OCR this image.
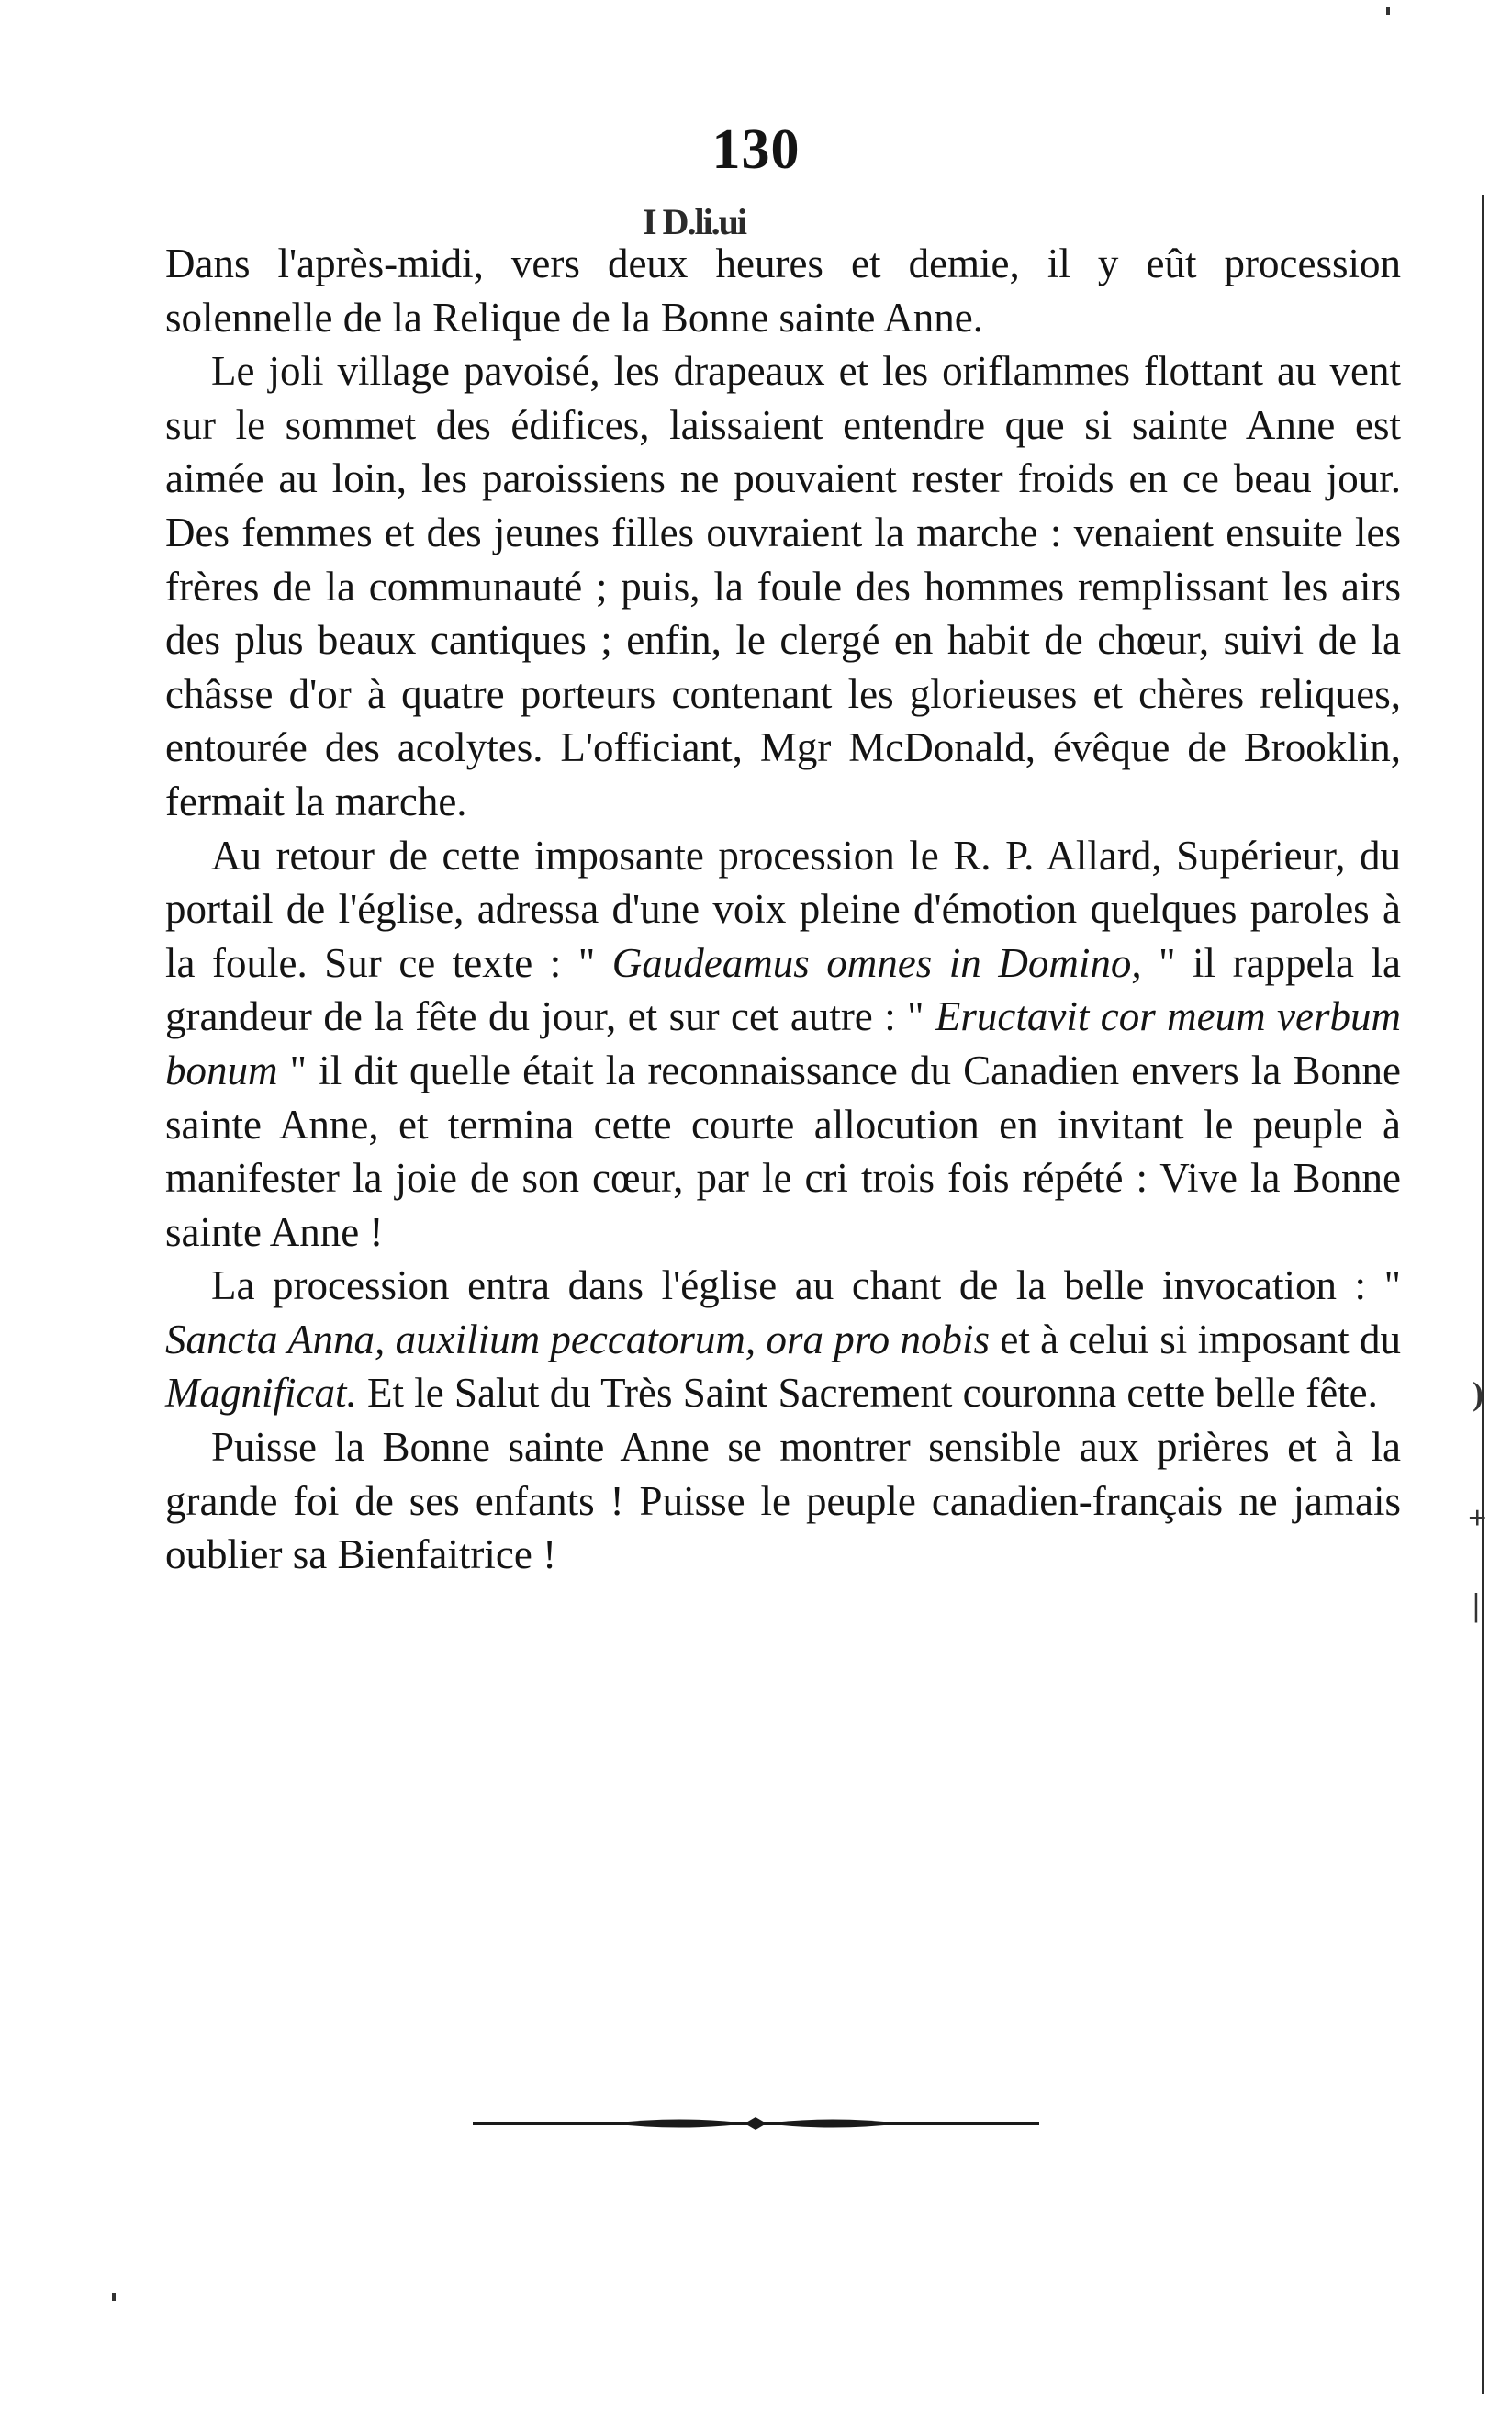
130
I D.li.ui

Dans l'après-midi, vers deux heures et demie, il y eût procession solennelle de la Relique de la Bonne sainte Anne.

Le joli village pavoisé, les drapeaux et les oriflammes flottant au vent sur le sommet des édifices, laissaient entendre que si sainte Anne est aimée au loin, les paroissiens ne pouvaient rester froids en ce beau jour. Des femmes et des jeunes filles ouvraient la marche : venaient ensuite les frères de la communauté ; puis, la foule des hommes remplissant les airs des plus beaux cantiques ; enfin, le clergé en habit de chœur, suivi de la châsse d'or à quatre porteurs contenant les glorieuses et chères reliques, entourée des acolytes. L'officiant, Mgr McDonald, évêque de Brooklin, fermait la marche.

Au retour de cette imposante procession le R. P. Allard, Supérieur, du portail de l'église, adressa d'une voix pleine d'émotion quelques paroles à la foule. Sur ce texte : " Gaudeamus omnes in Domino, " il rappela la grandeur de la fête du jour, et sur cet autre : " Eructavit cor meum verbum bonum " il dit quelle était la reconnaissance du Canadien envers la Bonne sainte Anne, et termina cette courte allocution en invitant le peuple à manifester la joie de son cœur, par le cri trois fois répété : Vive la Bonne sainte Anne !

La procession entra dans l'église au chant de la belle invocation : " Sancta Anna, auxilium peccatorum, ora pro nobis et à celui si imposant du Magnificat. Et le Salut du Très Saint Sacrement couronna cette belle fête.

Puisse la Bonne sainte Anne se montrer sensible aux prières et à la grande foi de ses enfants ! Puisse le peuple canadien-français ne jamais oublier sa Bienfaitrice !

)
+
|
